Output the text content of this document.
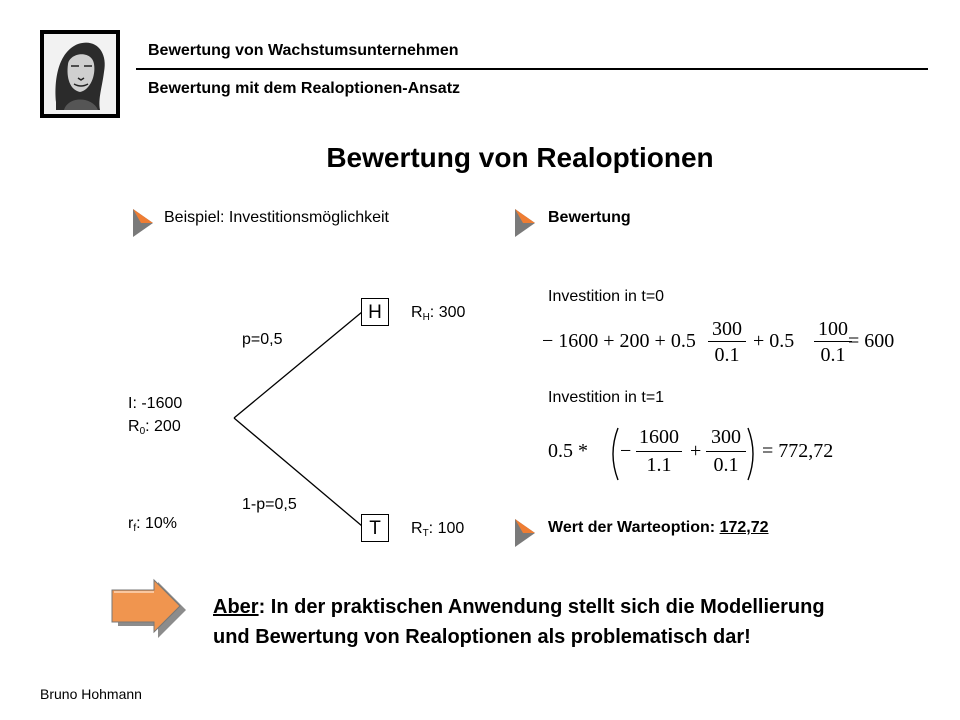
Bewertung von Wachstumsunternehmen
Bewertung mit dem Realoptionen-Ansatz
Bewertung von Realoptionen
Beispiel: Investitionsmöglichkeit	Bewertung
H
T
p=0,5
1-p=0,5
I: -1600
$R_0$: 200
$r_f$: 10%
$R_H$: 300
$R_T$: 100
Investition in t=0
− 1600 + 200 + 0.5
300
0.1
+ 0.5
100
0.1
= 600
Investition in t=1
0.5 * −
1600
1.1
+
300
0.1
= 772,72
Wert der Warteoption: 172,72
Aber: In der praktischen Anwendung stellt sich die Modellierung
und Bewertung von Realoptionen als problematisch dar!
Bruno Hohmann
